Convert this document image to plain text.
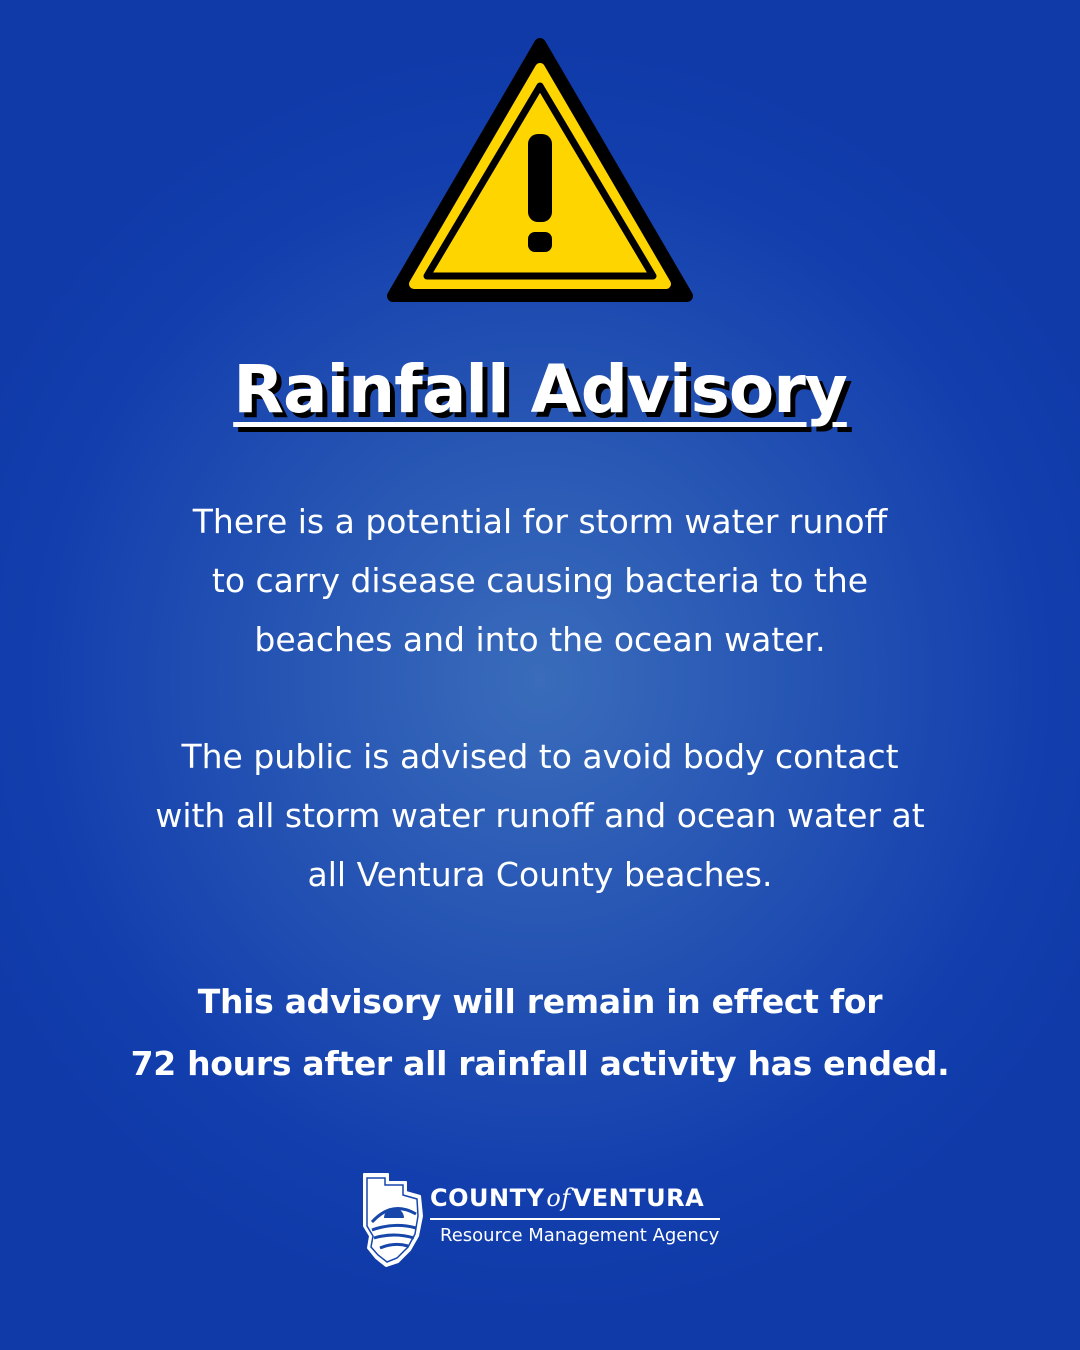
Rainfall Advisory

There is a potential for storm water runoff
to carry disease causing bacteria to the
beaches and into the ocean water.

The public is advised to avoid body contact
with all storm water runoff and ocean water at
all Ventura County beaches.

This advisory will remain in effect for
72 hours after all rainfall activity has ended.

COUNTYofVENTURA
Resource Management Agency
